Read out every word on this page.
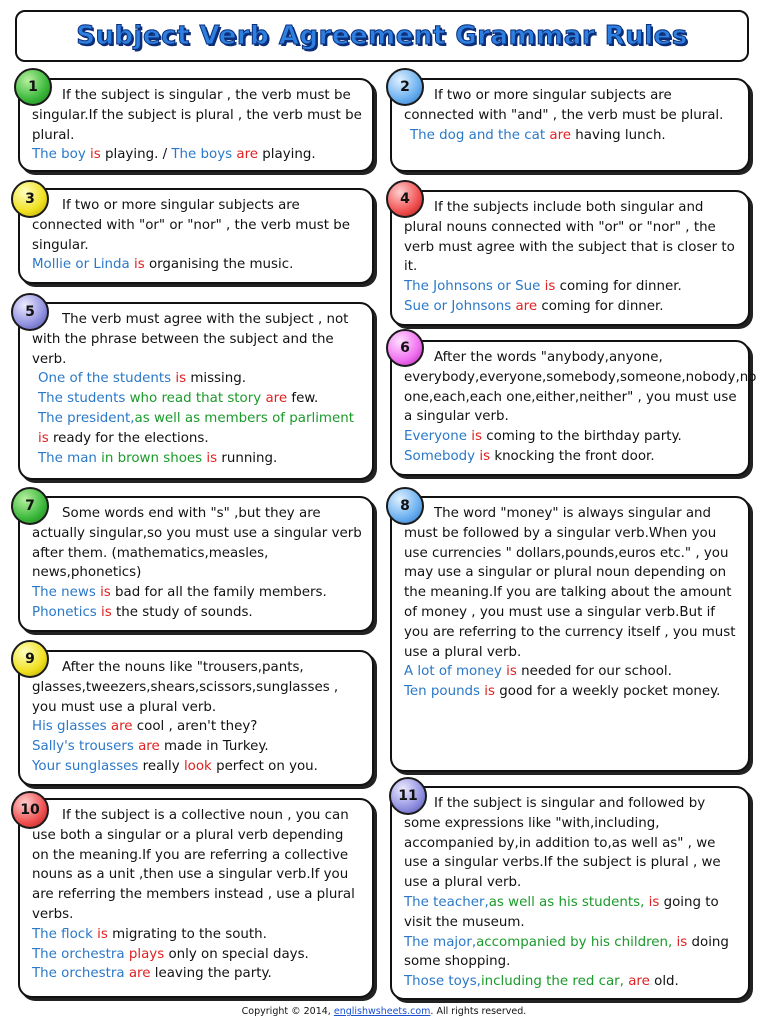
Subject Verb Agreement Grammar Rules

If the subject is singular , the verb must be singular.If the subject is plural , the verb must be plural.

The boy is playing. / The boys are playing.

If two or more singular subjects are connected with "or" or "nor" , the verb must be singular.

Mollie or Linda is organising the music.

The verb must agree with the subject , not with the phrase between the subject and the verb.

One of the students is missing.

The students who read that story are few.

The president,as well as members of parliment is ready for the elections.

The man in brown shoes is running.

Some words end with "s" ,but they are actually singular,so you must use a singular verb after them. (mathematics,measles, news,phonetics)

The news is bad for all the family members.

Phonetics is the study of sounds.

After the nouns like "trousers,pants, glasses,tweezers,shears,scissors,sunglasses , you must use a plural verb.

His glasses are cool , aren't they?

Sally's trousers are made in Turkey.

Your sunglasses really look perfect on you.

If the subject is a collective noun , you can use both a singular or a plural verb depending on the meaning.If you are referring a collective nouns as a unit ,then use a singular verb.If you are referring the members instead , use a plural verbs.

The flock is migrating to the south.

The orchestra plays only on special days.

The orchestra are leaving the party.

If two or more singular subjects are connected with "and" , the verb must be plural.

The dog and the cat are having lunch.

If the subjects include both singular and plural nouns connected with "or" or "nor" , the verb must agree with the subject that is closer to it.

The Johnsons or Sue is coming for dinner.

Sue or Johnsons are coming for dinner.

After the words "anybody,anyone, everybody,everyone,somebody,someone,nobody,no one,each,each one,either,neither" , you must use a singular verb.

Everyone is coming to the birthday party.

Somebody is knocking the front door.

The word "money" is always singular and must be followed by a singular verb.When you use currencies " dollars,pounds,euros etc." , you may use a singular or plural noun depending on the meaning.If you are talking about the amount of money , you must use a singular verb.But if you are referring to the currency itself , you must use a plural verb.

A lot of money is needed for our school.

Ten pounds is good for a weekly pocket money.

If the subject is singular and followed by some expressions like "with,including, accompanied by,in addition to,as well as" , we use a singular verbs.If the subject is plural , we use a plural verb.

The teacher,as well as his students, is going to visit the museum.

The major,accompanied by his children, is doing some shopping.

Those toys,including the red car, are old.

1	2
3	4
5
6
7	8
9
10
11
Copyright © 2014, englishwsheets.com. All rights reserved.
